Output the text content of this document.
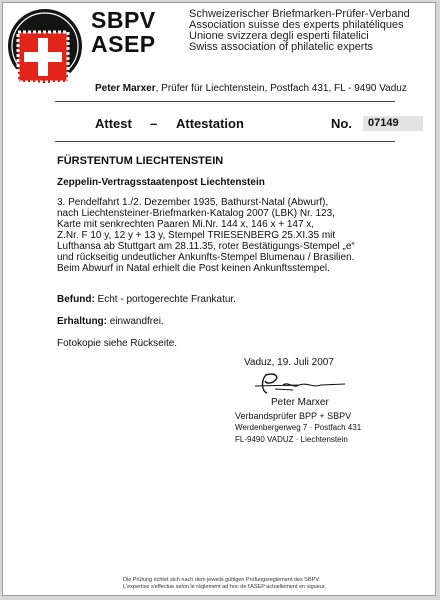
SBPV
ASEP
Schweizerischer Briefmarken-Prüfer-Verband
Association suisse des experts philatéliques
Unione svizzera degli esperti filatelici
Swiss association of philatelic experts
Peter Marxer, Prüfer für Liechtenstein, Postfach 431, FL - 9490 Vaduz
Attest – Attestation	No.	07149
FÜRSTENTUM LIECHTENSTEIN
Zeppelin-Vertragsstaatenpost Liechtenstein
3. Pendelfahrt 1./2. Dezember 1935, Bathurst-Natal (Abwurf),
nach Liechtensteiner-Briefmarken-Katalog 2007 (LBK) Nr. 123,
Karte mit senkrechten Paaren Mi.Nr. 144 x, 146 x + 147 x,
Z.Nr. F 10 y, 12 y + 13 y, Stempel TRIESENBERG 25.XI.35 mit
Lufthansa ab Stuttgart am 28.11.35, roter Bestätigungs-Stempel „e“
und rückseitig undeutlicher Ankunfts-Stempel Blumenau / Brasilien.
Beim Abwurf in Natal erhielt die Post keinen Ankunftsstempel.
Befund: Echt - portogerechte Frankatur.
Erhaltung: einwandfrei.
Fotokopie siehe Rückseite.
Vaduz, 19. Juli 2007
Peter Marxer
Verbandsprüfer BPP + SBPV
Werdenbergerweg 7 · Postfach 431
FL-9490 VADUZ · Liechtenstein
Die Prüfung richtet sich nach dem jeweils gültigen Prüfungsreglement des SBPV.
L'expertise s'effectue selon le règlement ad hoc de l'ASEP actuellement en vigueur.
